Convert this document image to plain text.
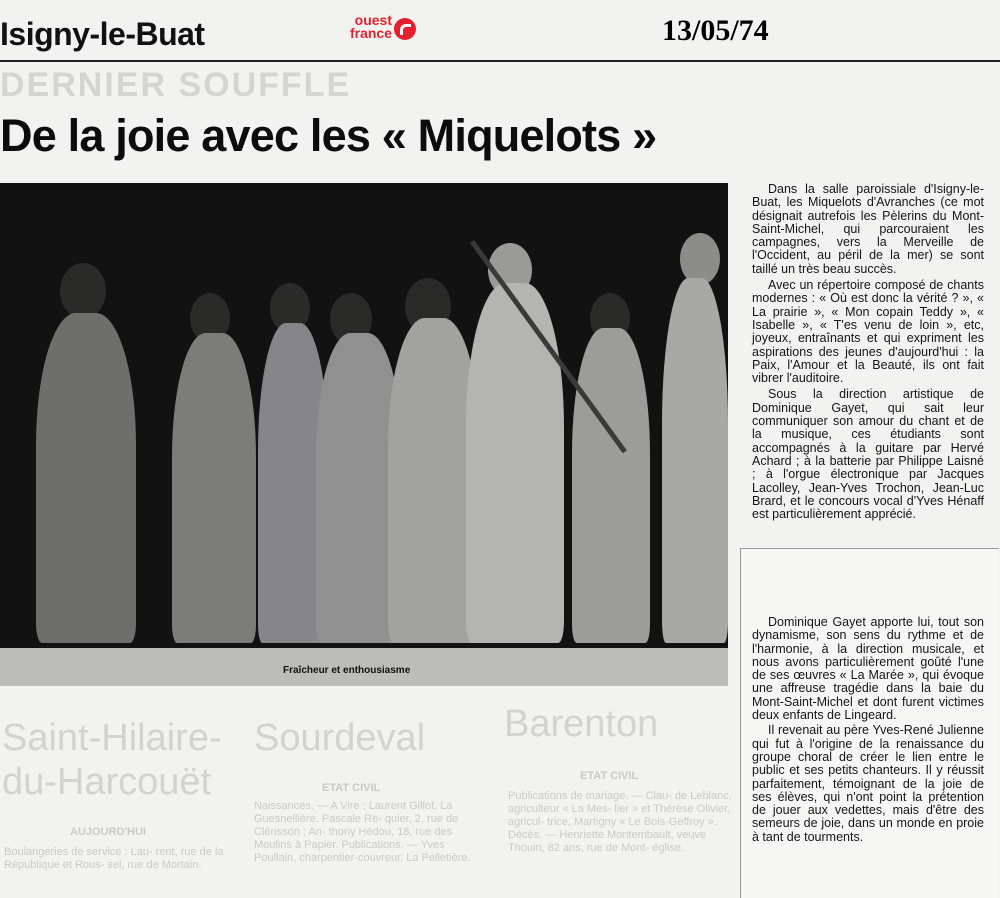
Isigny-le-Buat	ouest
france	13/05/74
DERNIER SOUFFLE
De la joie avec les « Miquelots »
Fraîcheur et enthousiasme

Dans la salle paroissiale d'Isigny-le-Buat, les Miquelots d'Avranches (ce mot désignait autrefois les Pèlerins du Mont-Saint-Michel, qui parcouraient les campagnes, vers la Merveille de l'Occident, au péril de la mer) se sont taillé un très beau succès.

Avec un répertoire composé de chants modernes : « Où est donc la vérité ? », « La prairie », « Mon copain Teddy », « Isabelle », « T'es venu de loin », etc, joyeux, entraînants et qui expriment les aspirations des jeunes d'aujourd'hui : la Paix, l'Amour et la Beauté, ils ont fait vibrer l'auditoire.

Sous la direction artistique de Dominique Gayet, qui sait leur communiquer son amour du chant et de la musique, ces étudiants sont accompagnés à la guitare par Hervé Achard ; à la batterie par Philippe Laisné ; à l'orgue électronique par Jacques Lacolley, Jean-Yves Trochon, Jean-Luc Brard, et le concours vocal d'Yves Hénaff est particulièrement apprécié.

Dominique Gayet apporte lui, tout son dynamisme, son sens du rythme et de l'harmonie, à la direction musicale, et nous avons particulièrement goûté l'une de ses œuvres « La Marée », qui évoque une affreuse tragédie dans la baie du Mont-Saint-Michel et dont furent victimes deux enfants de Lingeard.

Il revenait au père Yves-René Julienne qui fut à l'origine de la renaissance du groupe choral de créer le lien entre le public et ses petits chanteurs. Il y réussit parfaitement, témoignant de la joie de ses élèves, qui n'ont point la prétention de jouer aux vedettes, mais d'être des semeurs de joie, dans un monde en proie à tant de tourments.

Saint-Hilaire-
du-Harcouët
AUJOURD'HUI
Boulangeries de service : Lau- rent, rue de la République et Rous- sel, rue de Mortain.
Sourdeval
ETAT CIVIL
Naissances. — A Vire : Laurent Gillot, La Guesnellière. Pascale Re- quier, 2, rue de Clérisson ; An- thony Hédou, 18, rue des Moulins à Papier. Publications. — Yves Poullain, charpentier-couvreur, La Pelletière.
Barenton
ETAT CIVIL
Publications de mariage. — Clau- de Leblanc, agriculteur « La Mes- lier » et Thérèse Olivier, agricul- trice, Martigny « Le Bois-Geffroy ». Décès. — Henriette Montembault, veuve Thouin, 82 ans, rue de Mont- église.
